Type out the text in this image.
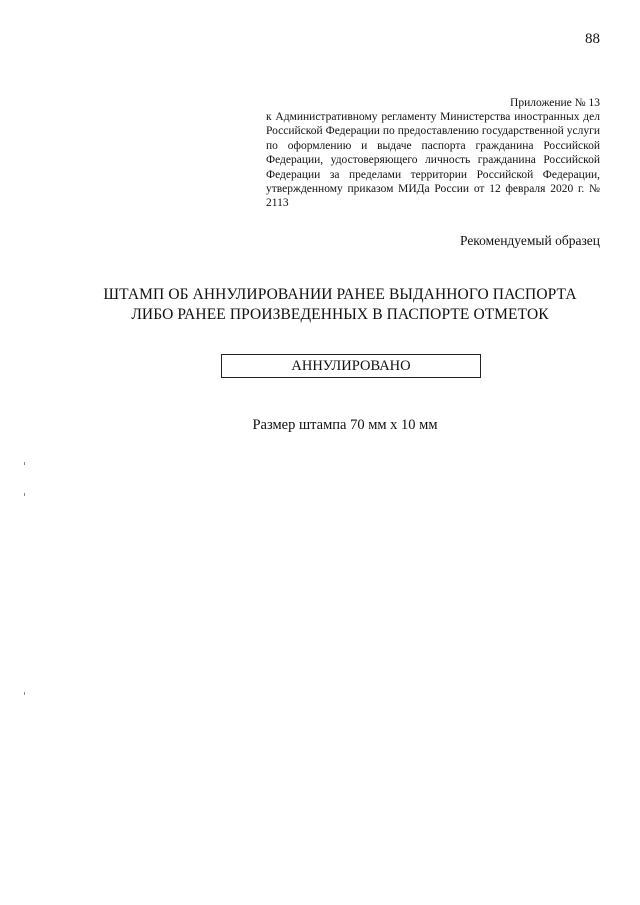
88
Приложение № 13
к Административному регламенту Министерства иностранных дел Российской Федерации по предоставлению государственной услуги по оформлению и выдаче паспорта гражданина Российской Федерации, удостоверяющего личность гражданина Российской Федерации за пределами территории Российской Федерации, утвержденному приказом МИДа России от 12 февраля 2020 г. № 2113
Рекомендуемый образец
ШТАМП ОБ АННУЛИРОВАНИИ РАНЕЕ ВЫДАННОГО ПАСПОРТА
ЛИБО РАНЕЕ ПРОИЗВЕДЕННЫХ В ПАСПОРТЕ ОТМЕТОК
АННУЛИРОВАНО
Размер штампа 70 мм х 10 мм
